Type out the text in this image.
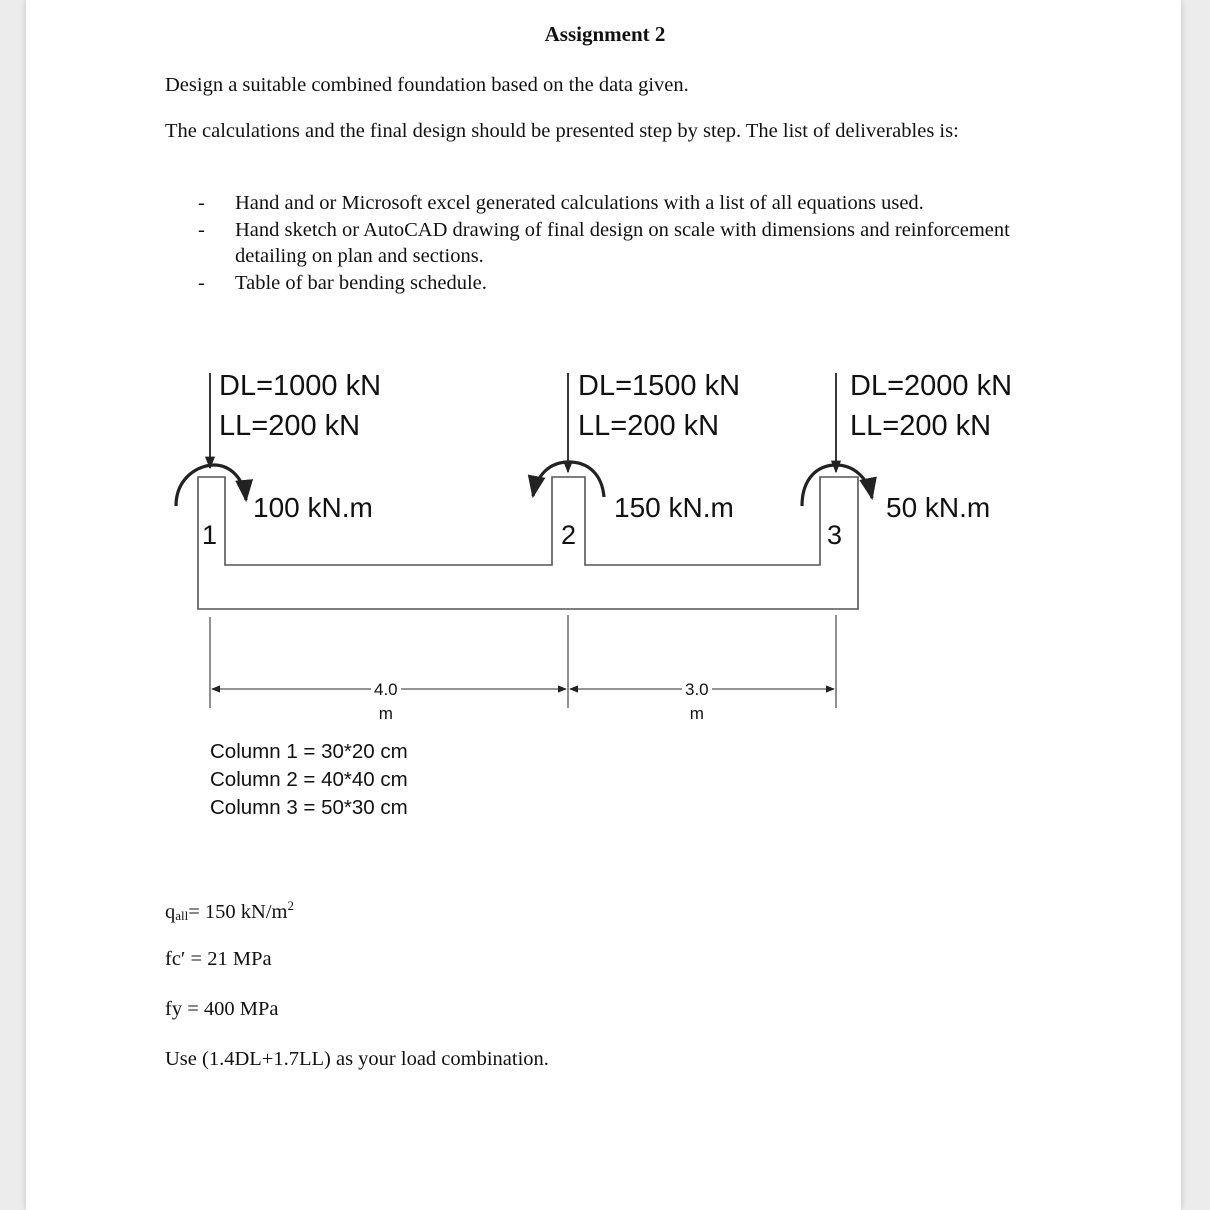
Assignment 2
Design a suitable combined foundation based on the data given.
The calculations and the final design should be presented step by step. The list of deliverables is:
- Hand and or Microsoft excel generated calculations with a list of all equations used.
- Hand sketch or AutoCAD drawing of final design on scale with dimensions and reinforcement detailing on plan and sections.
- Table of bar bending schedule.
DL=1000 kN
LL=200 kN
DL=1500 kN
LL=200 kN
DL=2000 kN
LL=200 kN
100 kN.m	150 kN.m	50 kN.m
1	2	3
4.0
m
3.0
m
Column 1 = 30*20 cm
Column 2 = 40*40 cm
Column 3 = 50*30 cm
$q_{all}= 150$ $kN/m^2$
fc′ = 21 MPa
fy = 400 MPa
Use (1.4DL+1.7LL) as your load combination.
